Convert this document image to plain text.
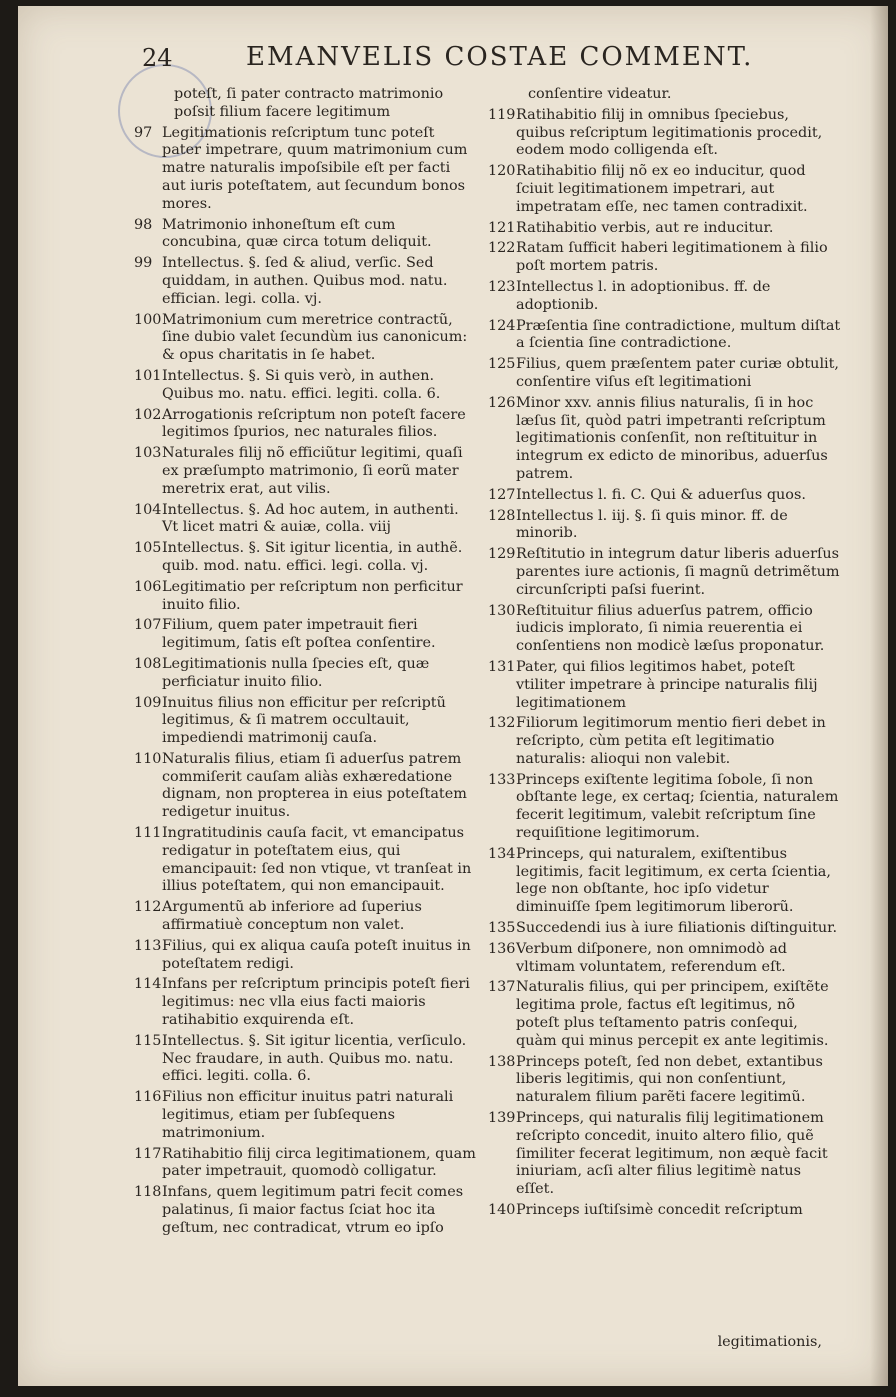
24	EMANVELIS COSTAE COMMENT.
poteſt, ſi pater contracto matrimonio poſsit filium facere legitimum
97 Legitimationis reſcriptum tunc poteſt pater impetrare, quum matrimonium cum matre naturalis impoſsibile eſt per facti aut iuris poteſtatem, aut ſecundum bonos mores.
98 Matrimonio inhoneſtum eſt cum concubina, quæ circa totum deliquit.
99 Intellectus. §. ſed & aliud, verſic. Sed quiddam, in authen. Quibus mod. natu. effician. legi. colla. vj.
100 Matrimonium cum meretrice contractũ, ſine dubio valet ſecundùm ius canonicum: & opus charitatis in ſe habet.
101 Intellectus. §. Si quis verò, in authen. Quibus mo. natu. effici. legiti. colla. 6.
102 Arrogationis reſcriptum non poteſt facere legitimos ſpurios, nec naturales filios.
103 Naturales filij nõ efficiũtur legitimi, quaſi ex præſumpto matrimonio, ſi eorũ mater meretrix erat, aut vilis.
104 Intellectus. §. Ad hoc autem, in authenti. Vt licet matri & auiæ, colla. viij
105 Intellectus. §. Sit igitur licentia, in authẽ. quib. mod. natu. effici. legi. colla. vj.
106 Legitimatio per reſcriptum non perficitur inuito filio.
107 Filium, quem pater impetrauit fieri legitimum, ſatis eſt poſtea conſentire.
108 Legitimationis nulla ſpecies eſt, quæ perficiatur inuito filio.
109 Inuitus filius non efficitur per reſcriptũ legitimus, & ſi matrem occultauit, impediendi matrimonij cauſa.
110 Naturalis filius, etiam ſi aduerſus patrem commiſerit cauſam aliàs exhæredatione dignam, non propterea in eius poteſtatem redigetur inuitus.
111 Ingratitudinis cauſa facit, vt emancipatus redigatur in poteſtatem eius, qui emancipauit: ſed non vtique, vt tranſeat in illius poteſtatem, qui non emancipauit.
112 Argumentũ ab inferiore ad ſuperius affirmatiuè conceptum non valet.
113 Filius, qui ex aliqua cauſa poteſt inuitus in poteſtatem redigi.
114 Infans per reſcriptum principis poteſt fieri legitimus: nec vlla eius facti maioris ratihabitio exquirenda eſt.
115 Intellectus. §. Sit igitur licentia, verſiculo. Nec fraudare, in auth. Quibus mo. natu. effici. legiti. colla. 6.
116 Filius non efficitur inuitus patri naturali legitimus, etiam per ſubſequens matrimonium.
117 Ratihabitio filij circa legitimationem, quam pater impetrauit, quomodò colligatur.
118 Infans, quem legitimum patri fecit comes palatinus, ſi maior factus ſciat hoc ita geſtum, nec contradicat, vtrum eo ipſo
conſentire videatur.
119 Ratihabitio filij in omnibus ſpeciebus, quibus reſcriptum legitimationis procedit, eodem modo colligenda eſt.
120 Ratihabitio filij nõ ex eo inducitur, quod ſciuit legitimationem impetrari, aut impetratam eſſe, nec tamen contradixit.
121 Ratihabitio verbis, aut re inducitur.
122 Ratam ſufficit haberi legitimationem à filio poſt mortem patris.
123 Intellectus l. in adoptionibus. ff. de adoptionib.
124 Præſentia ſine contradictione, multum diſtat a ſcientia ſine contradictione.
125 Filius, quem præſentem pater curiæ obtulit, conſentire viſus eſt legitimationi
126 Minor xxv. annis filius naturalis, ſi in hoc læſus ſit, quòd patri impetranti reſcriptum legitimationis conſenſit, non reſtituitur in integrum ex edicto de minoribus, aduerſus patrem.
127 Intellectus l. fi. C. Qui & aduerſus quos.
128 Intellectus l. iij. §. ſi quis minor. ff. de minorib.
129 Reſtitutio in integrum datur liberis aduerſus parentes iure actionis, ſi magnũ detrimẽtum circunſcripti paſsi fuerint.
130 Reſtituitur filius aduerſus patrem, officio iudicis implorato, ſi nimia reuerentia ei conſentiens non modicè læſus proponatur.
131 Pater, qui filios legitimos habet, poteſt vtiliter impetrare à principe naturalis filij legitimationem
132 Filiorum legitimorum mentio fieri debet in reſcripto, cùm petita eſt legitimatio naturalis: alioqui non valebit.
133 Princeps exiſtente legitima ſobole, ſi non obſtante lege, ex certaq; ſcientia, naturalem fecerit legitimum, valebit reſcriptum ſine requiſitione legitimorum.
134 Princeps, qui naturalem, exiſtentibus legitimis, facit legitimum, ex certa ſcientia, lege non obſtante, hoc ipſo videtur diminuiſſe ſpem legitimorum liberorũ.
135 Succedendi ius à iure filiationis diſtinguitur.
136 Verbum diſponere, non omnimodò ad vltimam voluntatem, referendum eſt.
137 Naturalis filius, qui per principem, exiſtẽte legitima prole, factus eſt legitimus, nõ poteſt plus teſtamento patris conſequi, quàm qui minus percepit ex ante legitimis.
138 Princeps poteſt, ſed non debet, extantibus liberis legitimis, qui non conſentiunt, naturalem filium parẽti facere legitimũ.
139 Princeps, qui naturalis filij legitimationem reſcripto concedit, inuito altero filio, quẽ ſimiliter fecerat legitimum, non æquè facit iniuriam, acſi alter filius legitimè natus eſſet.
140 Princeps iuſtiſsimè concedit reſcriptum
legitimationis,
